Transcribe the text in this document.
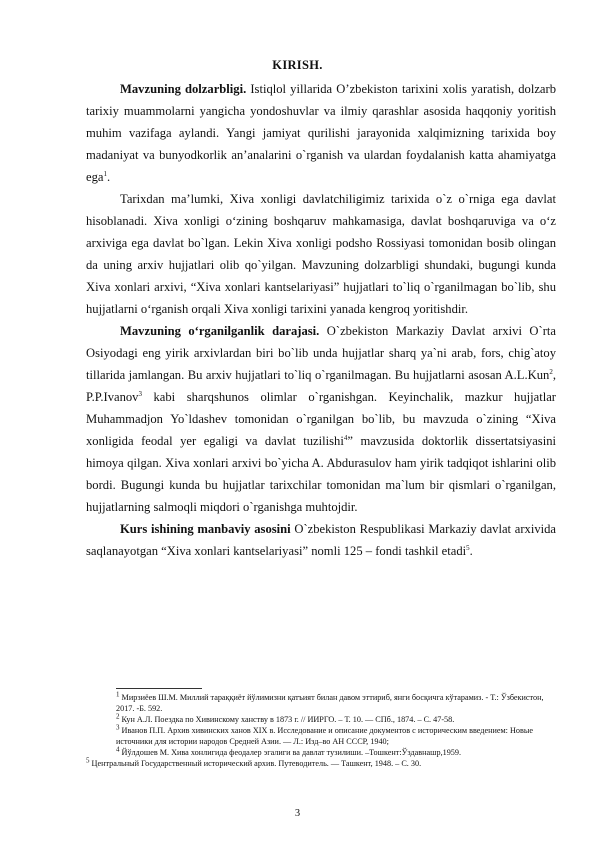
KIRISH.

Mavzuning dolzarbligi. Istiqlol yillarida O’zbekiston tarixini xolis yaratish, dolzarb tarixiy muammolarni yangicha yondoshuvlar va ilmiy qarashlar asosida haqqoniy yoritish muhim vazifaga aylandi. Yangi jamiyat qurilishi jarayonida xalqimizning tarixida boy madaniyat va bunyodkorlik an’analarini o`rganish va ulardan foydalanish katta ahamiyatga ega$^1$.

Tarixdan ma’lumki, Xiva xonligi davlatchiligimiz tarixida o`z o`rniga ega davlat hisoblanadi. Xiva xonligi o‘zining boshqaruv mahkamasiga, davlat boshqaruviga va o‘z arxiviga ega davlat bo`lgan. Lekin Xiva xonligi podsho Rossiyasi tomonidan bosib olingan da uning arxiv hujjatlari olib qo`yilgan. Mavzuning dolzarbligi shundaki, bugungi kunda Xiva xonlari arxivi, “Xiva xonlari kantselariyasi” hujjatlari to`liq o`rganilmagan bo`lib, shu hujjatlarni o‘rganish orqali Xiva xonligi tarixini yanada kengroq yoritishdir.

Mavzuning o‘rganilganlik darajasi. O`zbekiston Markaziy Davlat arxivi O`rta Osiyodagi eng yirik arxivlardan biri bo`lib unda hujjatlar sharq ya`ni arab, fors, chig`atoy tillarida jamlangan. Bu arxiv hujjatlari to`liq o`rganilmagan. Bu hujjatlarni asosan A.L.Kun$^2$, P.P.Ivanov$^3$ kabi sharqshunos olimlar o`rganishgan. Keyinchalik, mazkur hujjatlar Muhammadjon Yo`ldashev tomonidan o`rganilgan bo`lib, bu mavzuda o`zining “Xiva xonligida feodal yer egaligi va davlat tuzilishi$^4$” mavzusida doktorlik dissertatsiyasini himoya qilgan. Xiva xonlari arxivi bo`yicha A. Abdurasulov ham yirik tadqiqot ishlarini olib bordi. Bugungi kunda bu hujjatlar tarixchilar tomonidan ma`lum bir qismlari o`rganilgan, hujjatlarning salmoqli miqdori o`rganishga muhtojdir.

Kurs ishining manbaviy asosini O`zbekiston Respublikasi Markaziy davlat arxivida saqlanayotgan “Xiva xonlari kantselariyasi” nomli 125 – fondi tashkil etadi$^5$.

$^1$ Мирзиёев Ш.М. Миллий тараққиёт йўлимизни қатъият билан давом эттириб, янги босқичга кўтарамиз. - Т.: Ўзбекистон, 2017. -Б. 592.
$^2$ Кун А.Л. Поездка по Хивинскому ханству в 1873 г. // ИИРГО. – Т. 10. — СПб., 1874. – С. 47-58.
$^3$ Иванов П.П. Архив хивинских ханов XIX в. Исследование и описание документов с историческим введением: Новые источники для истории народов Средней Азии. — Л.: Изд–во АН СССР, 1940;
$^4$ Йўлдошев М. Хива хонлигида феодалер эгалиги ва давлат тузилиши. –Тошкент:Ўздавнашр,1959.
$^5$ Центральный Государственный исторический архив. Путеводитель. — Ташкент, 1948. – С. 30.
3
